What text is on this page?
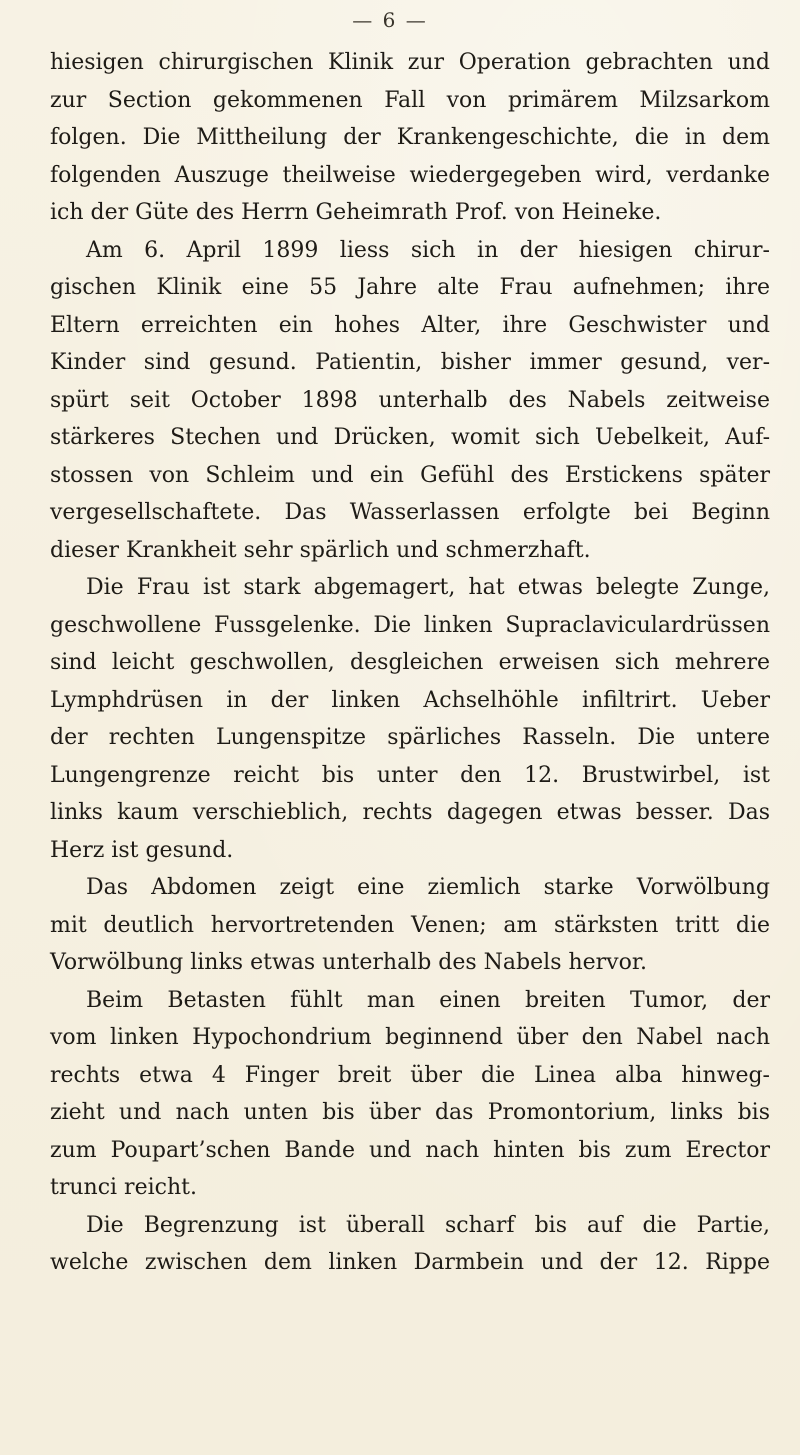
— 6 —
hiesigen chirurgischen Klinik zur Operation gebrachten und
zur Section gekommenen Fall von primärem Milzsarkom
folgen. Die Mittheilung der Krankengeschichte, die in dem
folgenden Auszuge theilweise wiedergegeben wird, verdanke
ich der Güte des Herrn Geheimrath Prof. von Heineke.
Am 6. April 1899 liess sich in der hiesigen chirur-
gischen Klinik eine 55 Jahre alte Frau aufnehmen; ihre
Eltern erreichten ein hohes Alter, ihre Geschwister und
Kinder sind gesund. Patientin, bisher immer gesund, ver-
spürt seit October 1898 unterhalb des Nabels zeitweise
stärkeres Stechen und Drücken, womit sich Uebelkeit, Auf-
stossen von Schleim und ein Gefühl des Erstickens später
vergesellschaftete. Das Wasserlassen erfolgte bei Beginn
dieser Krankheit sehr spärlich und schmerzhaft.
Die Frau ist stark abgemagert, hat etwas belegte Zunge,
geschwollene Fussgelenke. Die linken Supraclaviculardrüssen
sind leicht geschwollen, desgleichen erweisen sich mehrere
Lymphdrüsen in der linken Achselhöhle infiltrirt. Ueber
der rechten Lungenspitze spärliches Rasseln. Die untere
Lungengrenze reicht bis unter den 12. Brustwirbel, ist
links kaum verschieblich, rechts dagegen etwas besser. Das
Herz ist gesund.
Das Abdomen zeigt eine ziemlich starke Vorwölbung
mit deutlich hervortretenden Venen; am stärksten tritt die
Vorwölbung links etwas unterhalb des Nabels hervor.
Beim Betasten fühlt man einen breiten Tumor, der
vom linken Hypochondrium beginnend über den Nabel nach
rechts etwa 4 Finger breit über die Linea alba hinweg-
zieht und nach unten bis über das Promontorium, links bis
zum Poupart’schen Bande und nach hinten bis zum Erector
trunci reicht.
Die Begrenzung ist überall scharf bis auf die Partie,
welche zwischen dem linken Darmbein und der 12. Rippe
